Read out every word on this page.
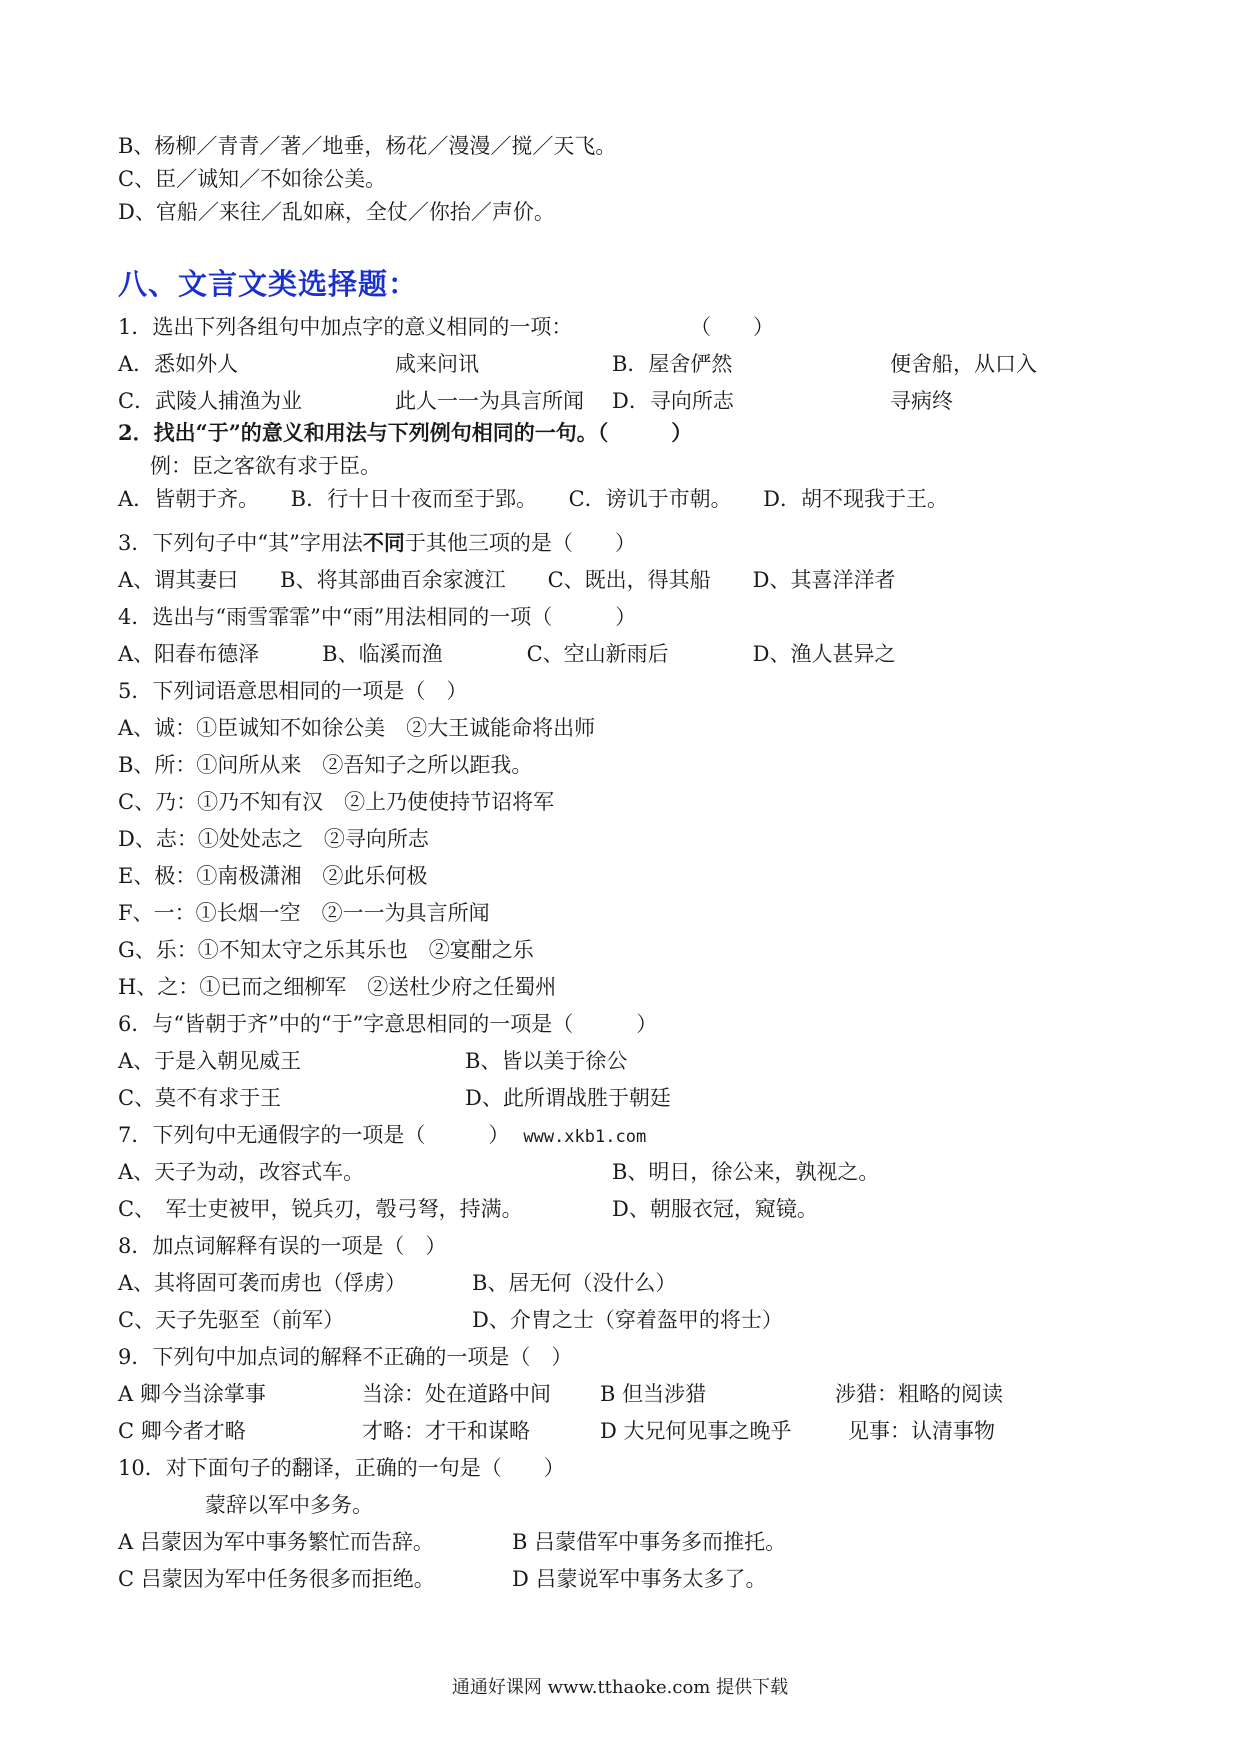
B、杨柳／青青／著／地垂，杨花／漫漫／搅／天飞。
C、臣／诚知／不如徐公美。
D、官船／来往／乱如麻，全仗／你抬／声价。
八、文言文类选择题：
1．选出下列各组句中加点字的意义相同的一项：	（　　）
A．悉如外人	咸来问讯	B．屋舍俨然	便舍船，从口入
C．武陵人捕渔为业	此人一一为具言所闻 D．寻向所志	寻病终
2．找出“于”的意义和用法与下列例句相同的一句。（　　　）
例：臣之客欲有求于臣。
A．皆朝于齐。　　B．行十日十夜而至于郢。　　C．谤讥于市朝。　　D．胡不现我于王。
3．下列句子中“其”字用法不同于其他三项的是（　　）
A、谓其妻曰　　B、将其部曲百余家渡江　　C、既出，得其船　　D、其喜洋洋者
4．选出与“雨雪霏霏”中“雨”用法相同的一项（　　　）
A、阳春布德泽　　　B、临溪而渔　　　　C、空山新雨后　　　　D、渔人甚异之
5．下列词语意思相同的一项是（　）
A、诚：①臣诚知不如徐公美　②大王诚能命将出师
B、所：①问所从来　②吾知子之所以距我。
C、乃：①乃不知有汉　②上乃使使持节诏将军
D、志：①处处志之　②寻向所志
E、极：①南极潇湘　②此乐何极
F、一：①长烟一空　②一一为具言所闻
G、乐：①不知太守之乐其乐也　②宴酣之乐
H、之：①已而之细柳军　②送杜少府之任蜀州
6．与“皆朝于齐”中的“于”字意思相同的一项是（　　　）
A、于是入朝见威王	B、皆以美于徐公
C、莫不有求于王	D、此所谓战胜于朝廷
7．下列句中无通假字的一项是（　　　） www.xkb1.com
A、天子为动，改容式车。	B、明日，徐公来，孰视之。
C、　军士吏被甲，锐兵刃，彀弓弩，持满。	D、朝服衣冠，窥镜。
8．加点词解释有误的一项是（　）
A、其将固可袭而虏也（俘虏）	B、居无何（没什么）
C、天子先驱至（前军）	D、介胄之士（穿着盔甲的将士）
9．下列句中加点词的解释不正确的一项是（　）
A 卿今当涂掌事	当涂：处在道路中间 B 但当涉猎	涉猎：粗略的阅读
C 卿今者才略	才略：才干和谋略	D 大兄何见事之晚乎	见事：认清事物
10．对下面句子的翻译，正确的一句是（　　）
蒙辞以军中多务。
A 吕蒙因为军中事务繁忙而告辞。	B 吕蒙借军中事务多而推托。
C 吕蒙因为军中任务很多而拒绝。	D 吕蒙说军中事务太多了。
通通好课网 www.tthaoke.com 提供下载
